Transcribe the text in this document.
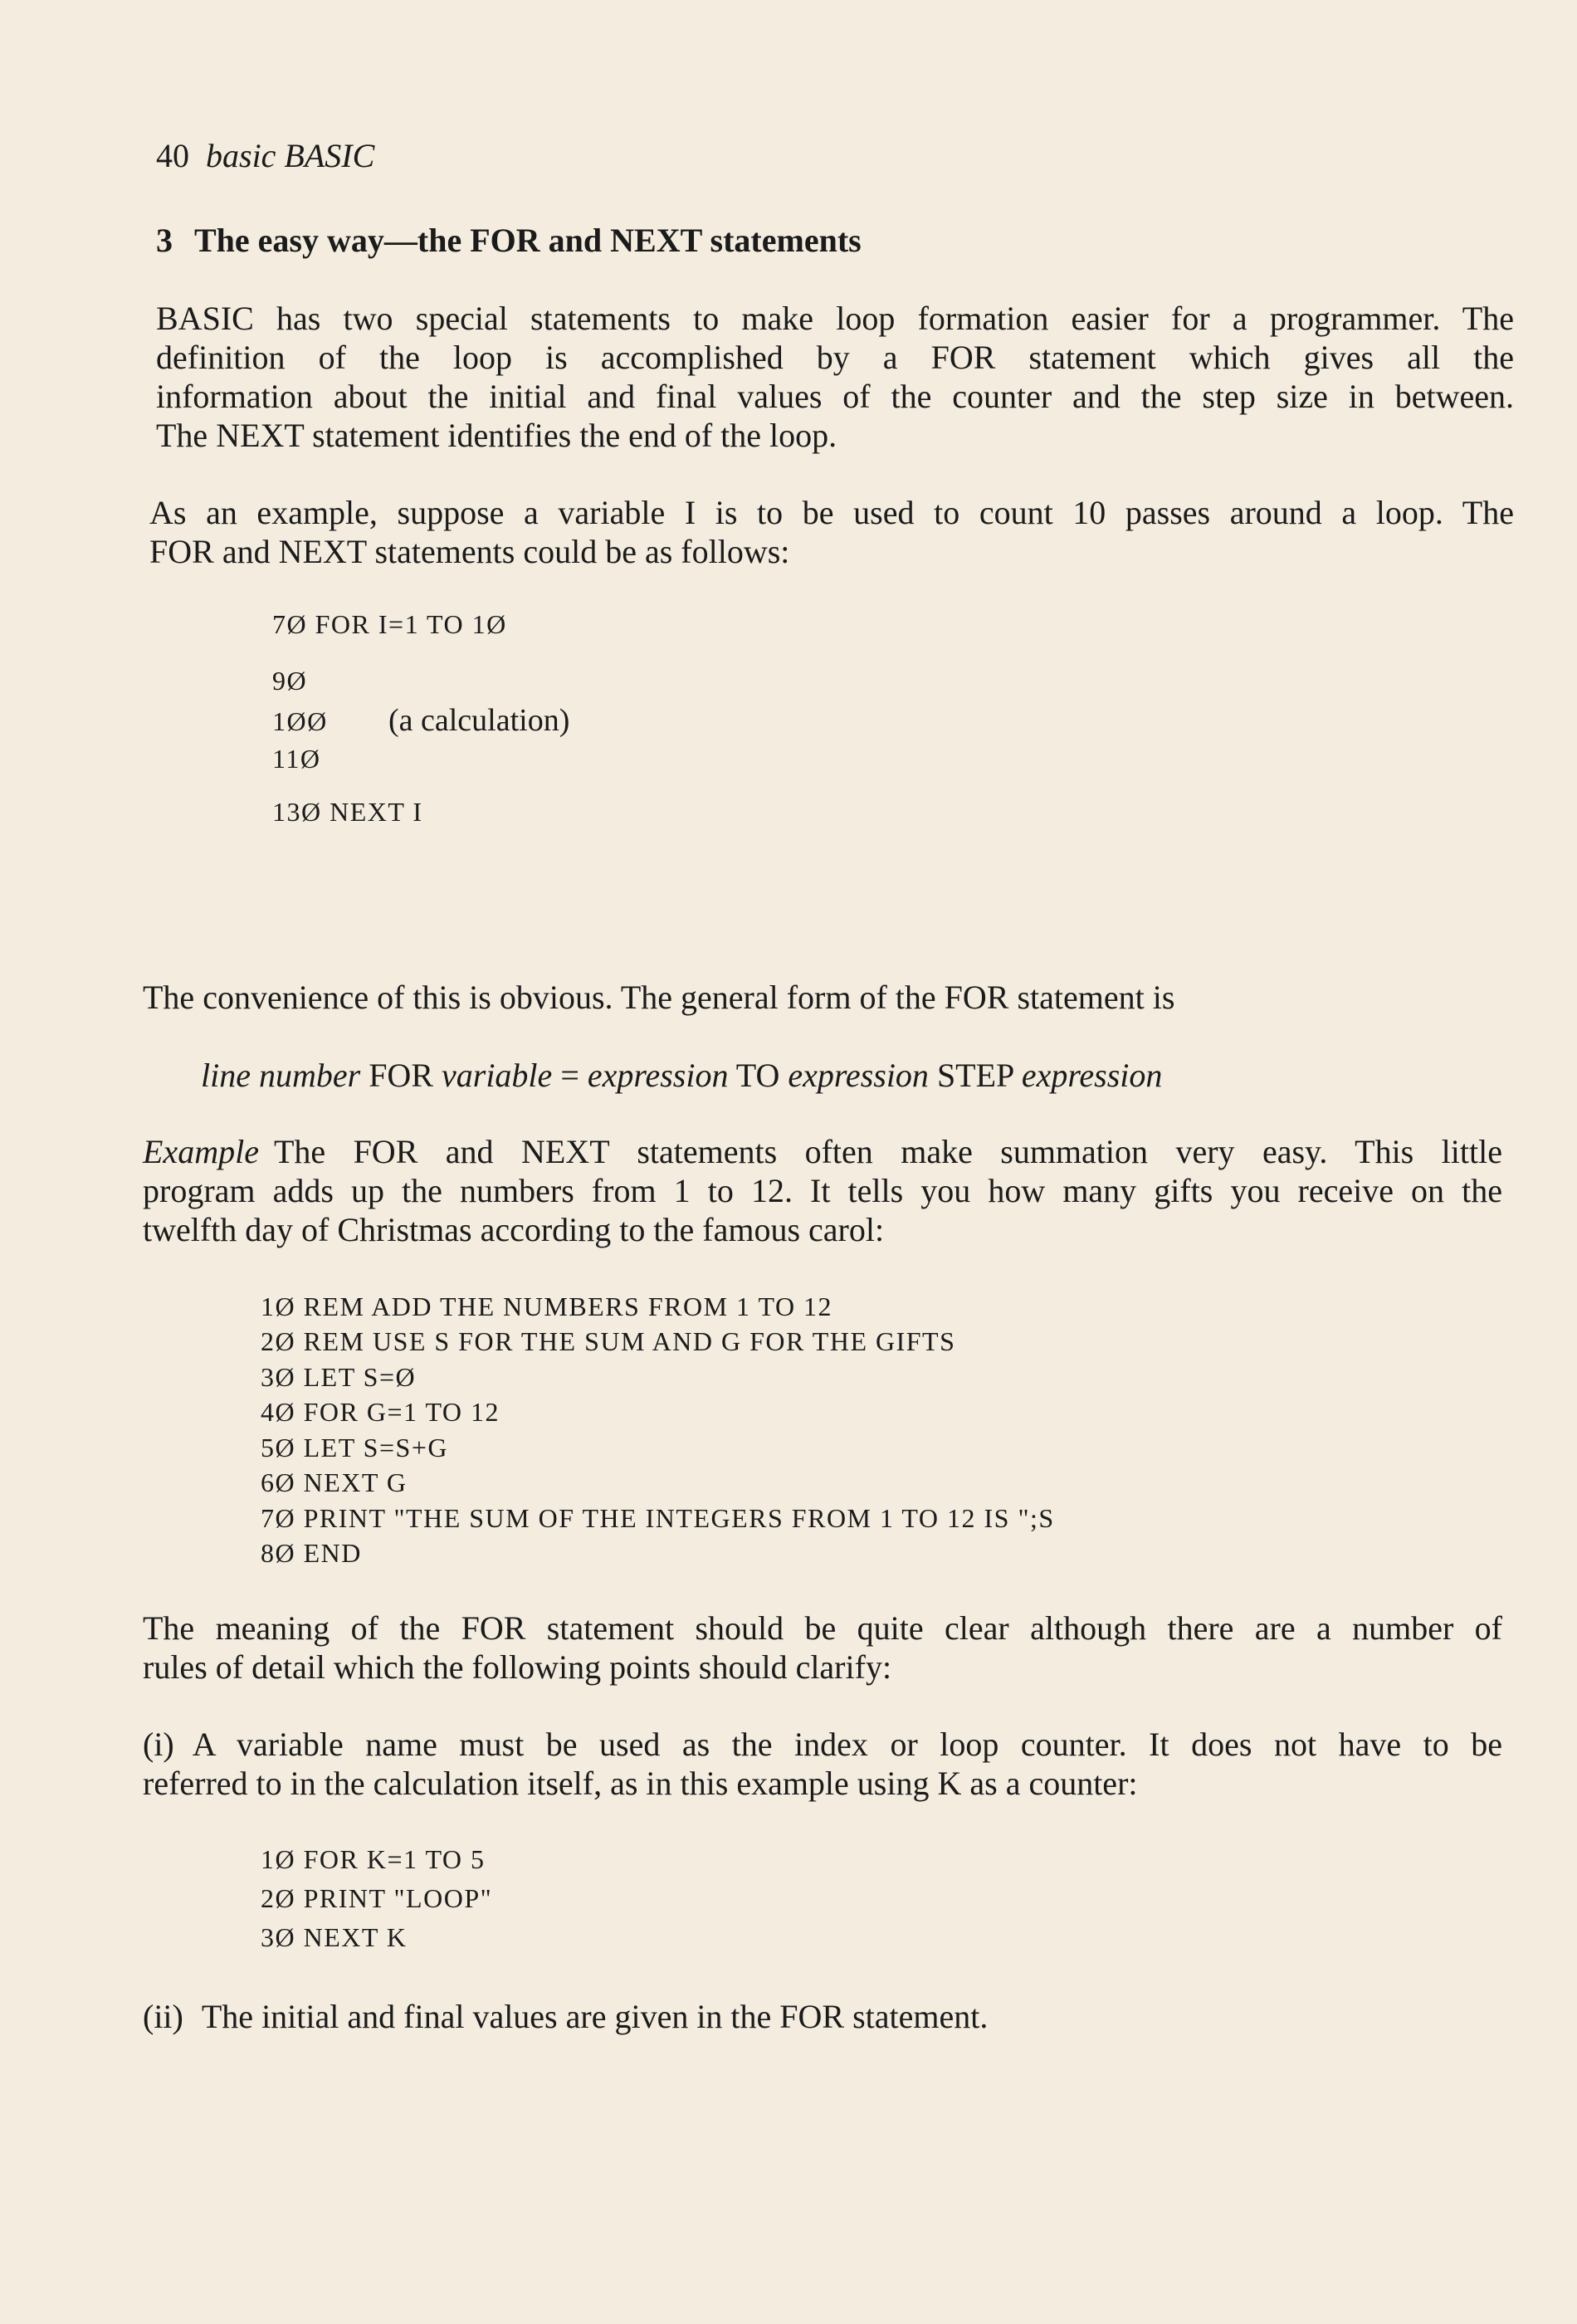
40 basic BASIC
3 The easy way—the FOR and NEXT statements
BASIC has two special statements to make loop formation easier for a programmer. The
definition of the loop is accomplished by a FOR statement which gives all the
information about the initial and final values of the counter and the step size in between.
The NEXT statement identifies the end of the loop.
As an example, suppose a variable I is to be used to count 10 passes around a loop. The
FOR and NEXT statements could be as follows:
7Ø FOR I=1 TO 1Ø
9Ø
1ØØ (a calculation)
11Ø
13Ø NEXT I
The convenience of this is obvious. The general form of the FOR statement is
line number FOR variable = expression TO expression STEP expression
Example The FOR and NEXT statements often make summation very easy. This little
program adds up the numbers from 1 to 12. It tells you how many gifts you receive on the
twelfth day of Christmas according to the famous carol:
1Ø REM ADD THE NUMBERS FROM 1 TO 12
2Ø REM USE S FOR THE SUM AND G FOR THE GIFTS
3Ø LET S=Ø
4Ø FOR G=1 TO 12
5Ø LET S=S+G
6Ø NEXT G
7Ø PRINT "THE SUM OF THE INTEGERS FROM 1 TO 12 IS ";S
8Ø END
The meaning of the FOR statement should be quite clear although there are a number of
rules of detail which the following points should clarify:
(i) A variable name must be used as the index or loop counter. It does not have to be
referred to in the calculation itself, as in this example using K as a counter:
1Ø FOR K=1 TO 5
2Ø PRINT "LOOP"
3Ø NEXT K
(ii) The initial and final values are given in the FOR statement.
